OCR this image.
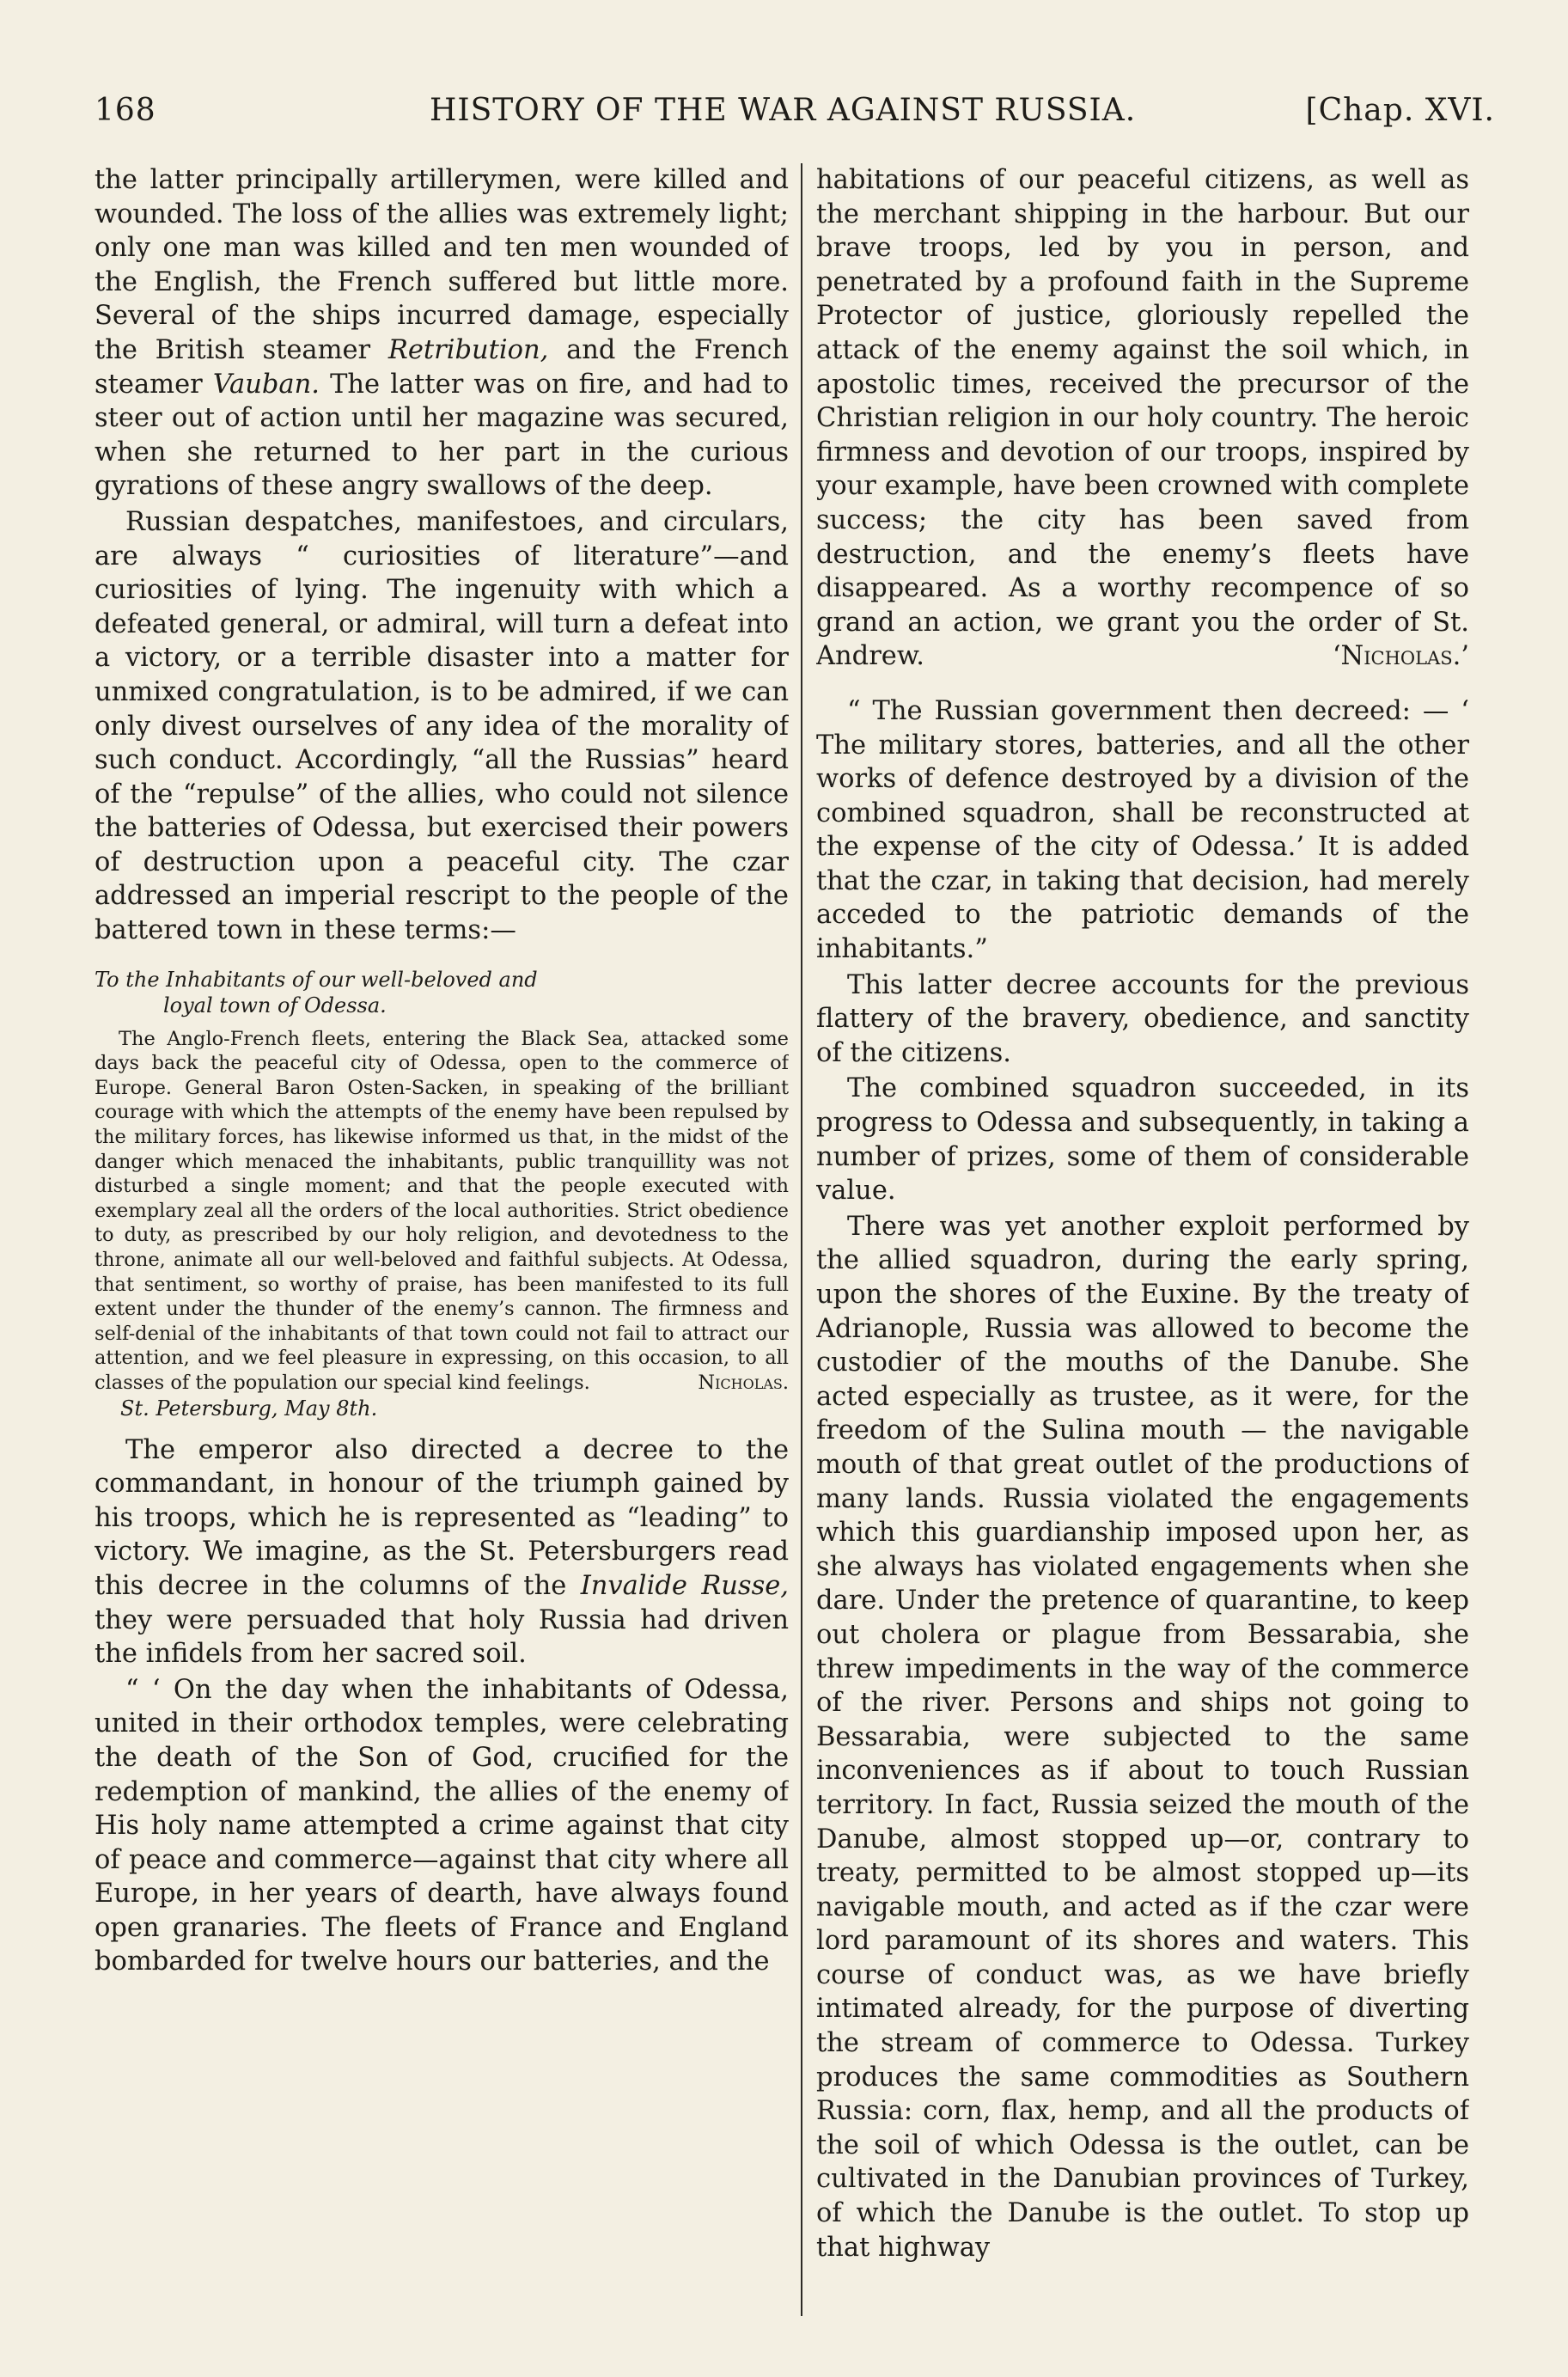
168	HISTORY OF THE WAR AGAINST RUSSIA.	[Chap. XVI.

the latter principally artillerymen, were killed and wounded. The loss of the allies was extremely light; only one man was killed and ten men wounded of the English, the French suffered but little more. Several of the ships incurred damage, especially the British steamer Retribution, and the French steamer Vauban. The latter was on fire, and had to steer out of action until her magazine was secured, when she returned to her part in the curious gyrations of these angry swallows of the deep.

Russian despatches, manifestoes, and circulars, are always “ curiosities of literature”—and curiosities of lying. The ingenuity with which a defeated general, or admiral, will turn a defeat into a victory, or a terrible disaster into a matter for unmixed congratulation, is to be admired, if we can only divest ourselves of any idea of the morality of such conduct. Accordingly, “all the Russias” heard of the “repulse” of the allies, who could not silence the batteries of Odessa, but exercised their powers of destruction upon a peaceful city. The czar addressed an imperial rescript to the people of the battered town in these terms:—

To the Inhabitants of our well-beloved and
loyal town of Odessa.

The Anglo-French fleets, entering the Black Sea, attacked some days back the peaceful city of Odessa, open to the commerce of Europe. General Baron Osten-Sacken, in speaking of the brilliant courage with which the attempts of the enemy have been repulsed by the military forces, has likewise informed us that, in the midst of the danger which menaced the inhabitants, public tranquillity was not disturbed a single moment; and that the people executed with exemplary zeal all the orders of the local authorities. Strict obedience to duty, as prescribed by our holy religion, and devotedness to the throne, animate all our well-beloved and faithful subjects. At Odessa, that sentiment, so worthy of praise, has been manifested to its full extent under the thunder of the enemy’s cannon. The firmness and self-denial of the inhabitants of that town could not fail to attract our attention, and we feel pleasure in expressing, on this occasion, to all classes of the population our special kind feelings.	Nicholas.

St. Petersburg, May 8th.

The emperor also directed a decree to the commandant, in honour of the triumph gained by his troops, which he is represented as “leading” to victory. We imagine, as the St. Petersburgers read this decree in the columns of the Invalide Russe, they were persuaded that holy Russia had driven the infidels from her sacred soil.

“ ‘ On the day when the inhabitants of Odessa, united in their orthodox temples, were celebrating the death of the Son of God, crucified for the redemption of mankind, the allies of the enemy of His holy name attempted a crime against that city of peace and commerce—against that city where all Europe, in her years of dearth, have always found open granaries. The fleets of France and England bombarded for twelve hours our batteries, and the

habitations of our peaceful citizens, as well as the merchant shipping in the harbour. But our brave troops, led by you in person, and penetrated by a profound faith in the Supreme Protector of justice, gloriously repelled the attack of the enemy against the soil which, in apostolic times, received the precursor of the Christian religion in our holy country. The heroic firmness and devotion of our troops, inspired by your example, have been crowned with complete success; the city has been saved from destruction, and the enemy’s fleets have disappeared. As a worthy recompence of so grand an action, we grant you the order of St. Andrew.	‘Nicholas.’

“ The Russian government then decreed: — ‘ The military stores, batteries, and all the other works of defence destroyed by a division of the combined squadron, shall be reconstructed at the expense of the city of Odessa.’ It is added that the czar, in taking that decision, had merely acceded to the patriotic demands of the inhabitants.”

This latter decree accounts for the previous flattery of the bravery, obedience, and sanctity of the citizens.

The combined squadron succeeded, in its progress to Odessa and subsequently, in taking a number of prizes, some of them of considerable value.

There was yet another exploit performed by the allied squadron, during the early spring, upon the shores of the Euxine. By the treaty of Adrianople, Russia was allowed to become the custodier of the mouths of the Danube. She acted especially as trustee, as it were, for the freedom of the Sulina mouth — the navigable mouth of that great outlet of the productions of many lands. Russia violated the engagements which this guardianship imposed upon her, as she always has violated engagements when she dare. Under the pretence of quarantine, to keep out cholera or plague from Bessarabia, she threw impediments in the way of the commerce of the river. Persons and ships not going to Bessarabia, were subjected to the same inconveniences as if about to touch Russian territory. In fact, Russia seized the mouth of the Danube, almost stopped up—or, contrary to treaty, permitted to be almost stopped up—its navigable mouth, and acted as if the czar were lord paramount of its shores and waters. This course of conduct was, as we have briefly intimated already, for the purpose of diverting the stream of commerce to Odessa. Turkey produces the same commodities as Southern Russia: corn, flax, hemp, and all the products of the soil of which Odessa is the outlet, can be cultivated in the Danubian provinces of Turkey, of which the Danube is the outlet. To stop up that highway
